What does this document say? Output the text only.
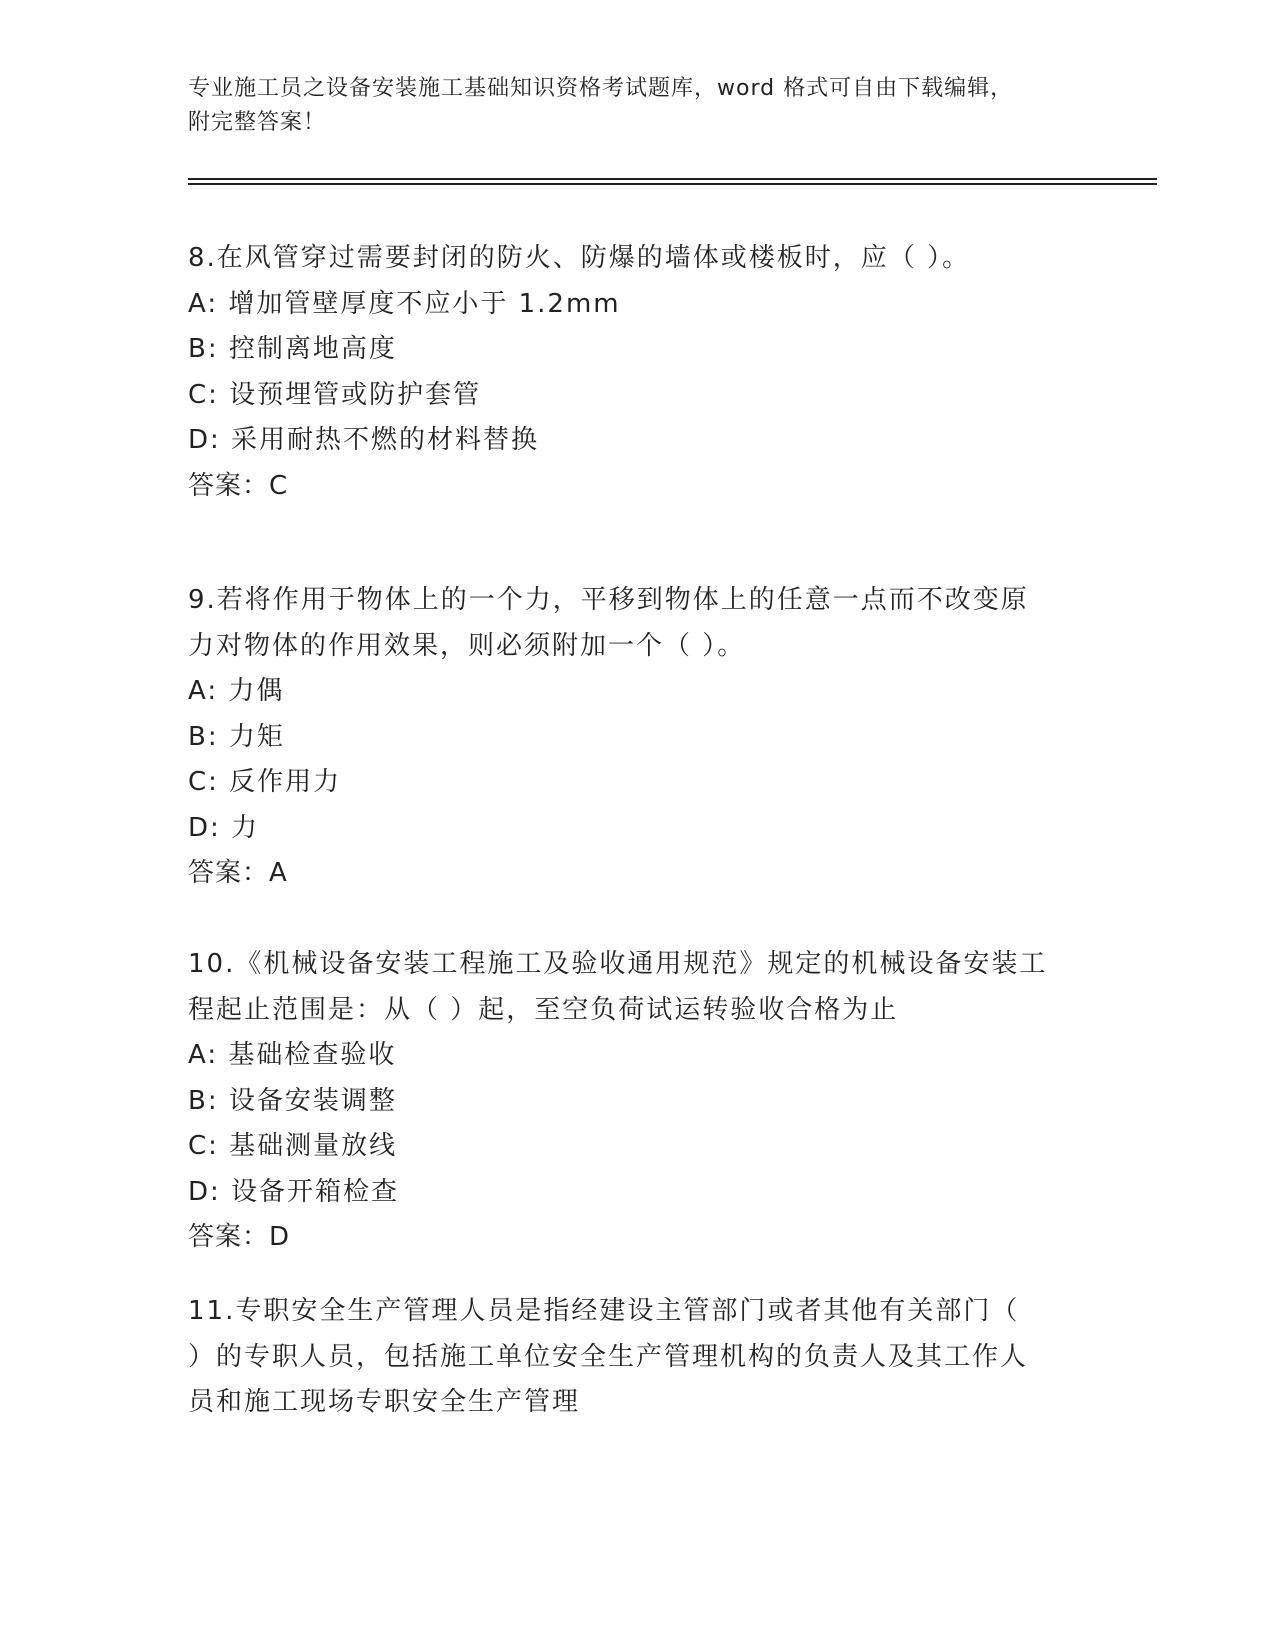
专业施工员之设备安装施工基础知识资格考试题库，word 格式可自由下载编辑，
附完整答案！
8.在风管穿过需要封闭的防火、防爆的墙体或楼板时，应（ ）。
A: 增加管壁厚度不应小于 1.2mm
B: 控制离地高度
C: 设预埋管或防护套管
D: 采用耐热不燃的材料替换
答案：C
9.若将作用于物体上的一个力，平移到物体上的任意一点而不改变原
力对物体的作用效果，则必须附加一个（ ）。
A: 力偶
B: 力矩
C: 反作用力
D: 力
答案：A
10.《机械设备安装工程施工及验收通用规范》规定的机械设备安装工
程起止范围是：从（ ）起，至空负荷试运转验收合格为止
A: 基础检查验收
B: 设备安装调整
C: 基础测量放线
D: 设备开箱检查
答案：D
11.专职安全生产管理人员是指经建设主管部门或者其他有关部门（
）的专职人员，包括施工单位安全生产管理机构的负责人及其工作人
员和施工现场专职安全生产管理
